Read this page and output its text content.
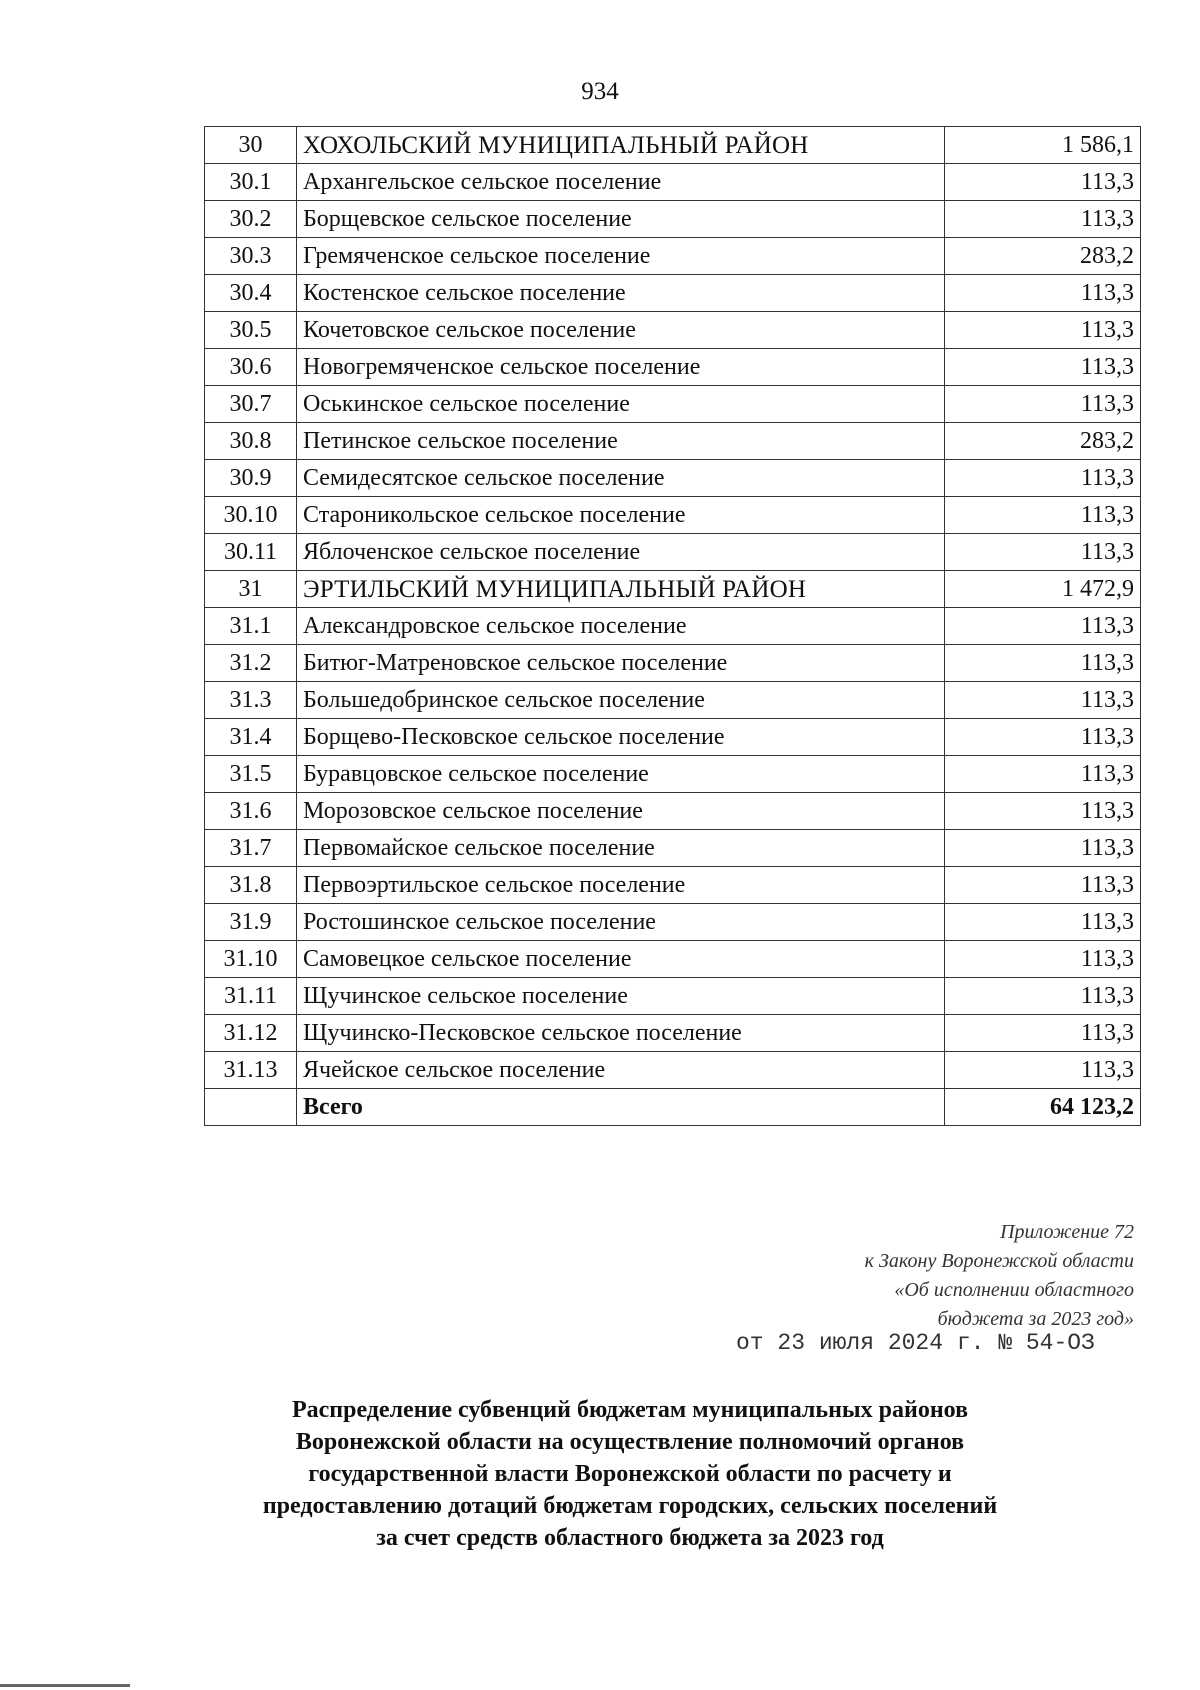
934
30	ХОХОЛЬСКИЙ МУНИЦИПАЛЬНЫЙ РАЙОН	1 586,1
30.1	Архангельское сельское поселение	113,3
30.2	Борщевское сельское поселение	113,3
30.3	Гремяченское сельское поселение	283,2
30.4	Костенское сельское поселение	113,3
30.5	Кочетовское сельское поселение	113,3
30.6	Новогремяченское сельское поселение	113,3
30.7	Оськинское сельское поселение	113,3
30.8	Петинское сельское поселение	283,2
30.9	Семидесятское сельское поселение	113,3
30.10	Староникольское сельское поселение	113,3
30.11	Яблоченское сельское поселение	113,3
31	ЭРТИЛЬСКИЙ МУНИЦИПАЛЬНЫЙ РАЙОН	1 472,9
31.1	Александровское сельское поселение	113,3
31.2	Битюг-Матреновское сельское поселение	113,3
31.3	Большедобринское сельское поселение	113,3
31.4	Борщево-Песковское сельское поселение	113,3
31.5	Буравцовское сельское поселение	113,3
31.6	Морозовское сельское поселение	113,3
31.7	Первомайское сельское поселение	113,3
31.8	Первоэртильское сельское поселение	113,3
31.9	Ростошинское сельское поселение	113,3
31.10	Самовецкое сельское поселение	113,3
31.11	Щучинское сельское поселение	113,3
31.12	Щучинско-Песковское сельское поселение	113,3
31.13	Ячейское сельское поселение	113,3
	Всего	64 123,2
Приложение 72
к Закону Воронежской области
«Об исполнении областного
бюджета за 2023 год»
от 23 июля 2024 г. № 54-ОЗ
Распределение субвенций бюджетам муниципальных районов
Воронежской области на осуществление полномочий органов
государственной власти Воронежской области по расчету и
предоставлению дотаций бюджетам городских, сельских поселений
за счет средств областного бюджета за 2023 год
